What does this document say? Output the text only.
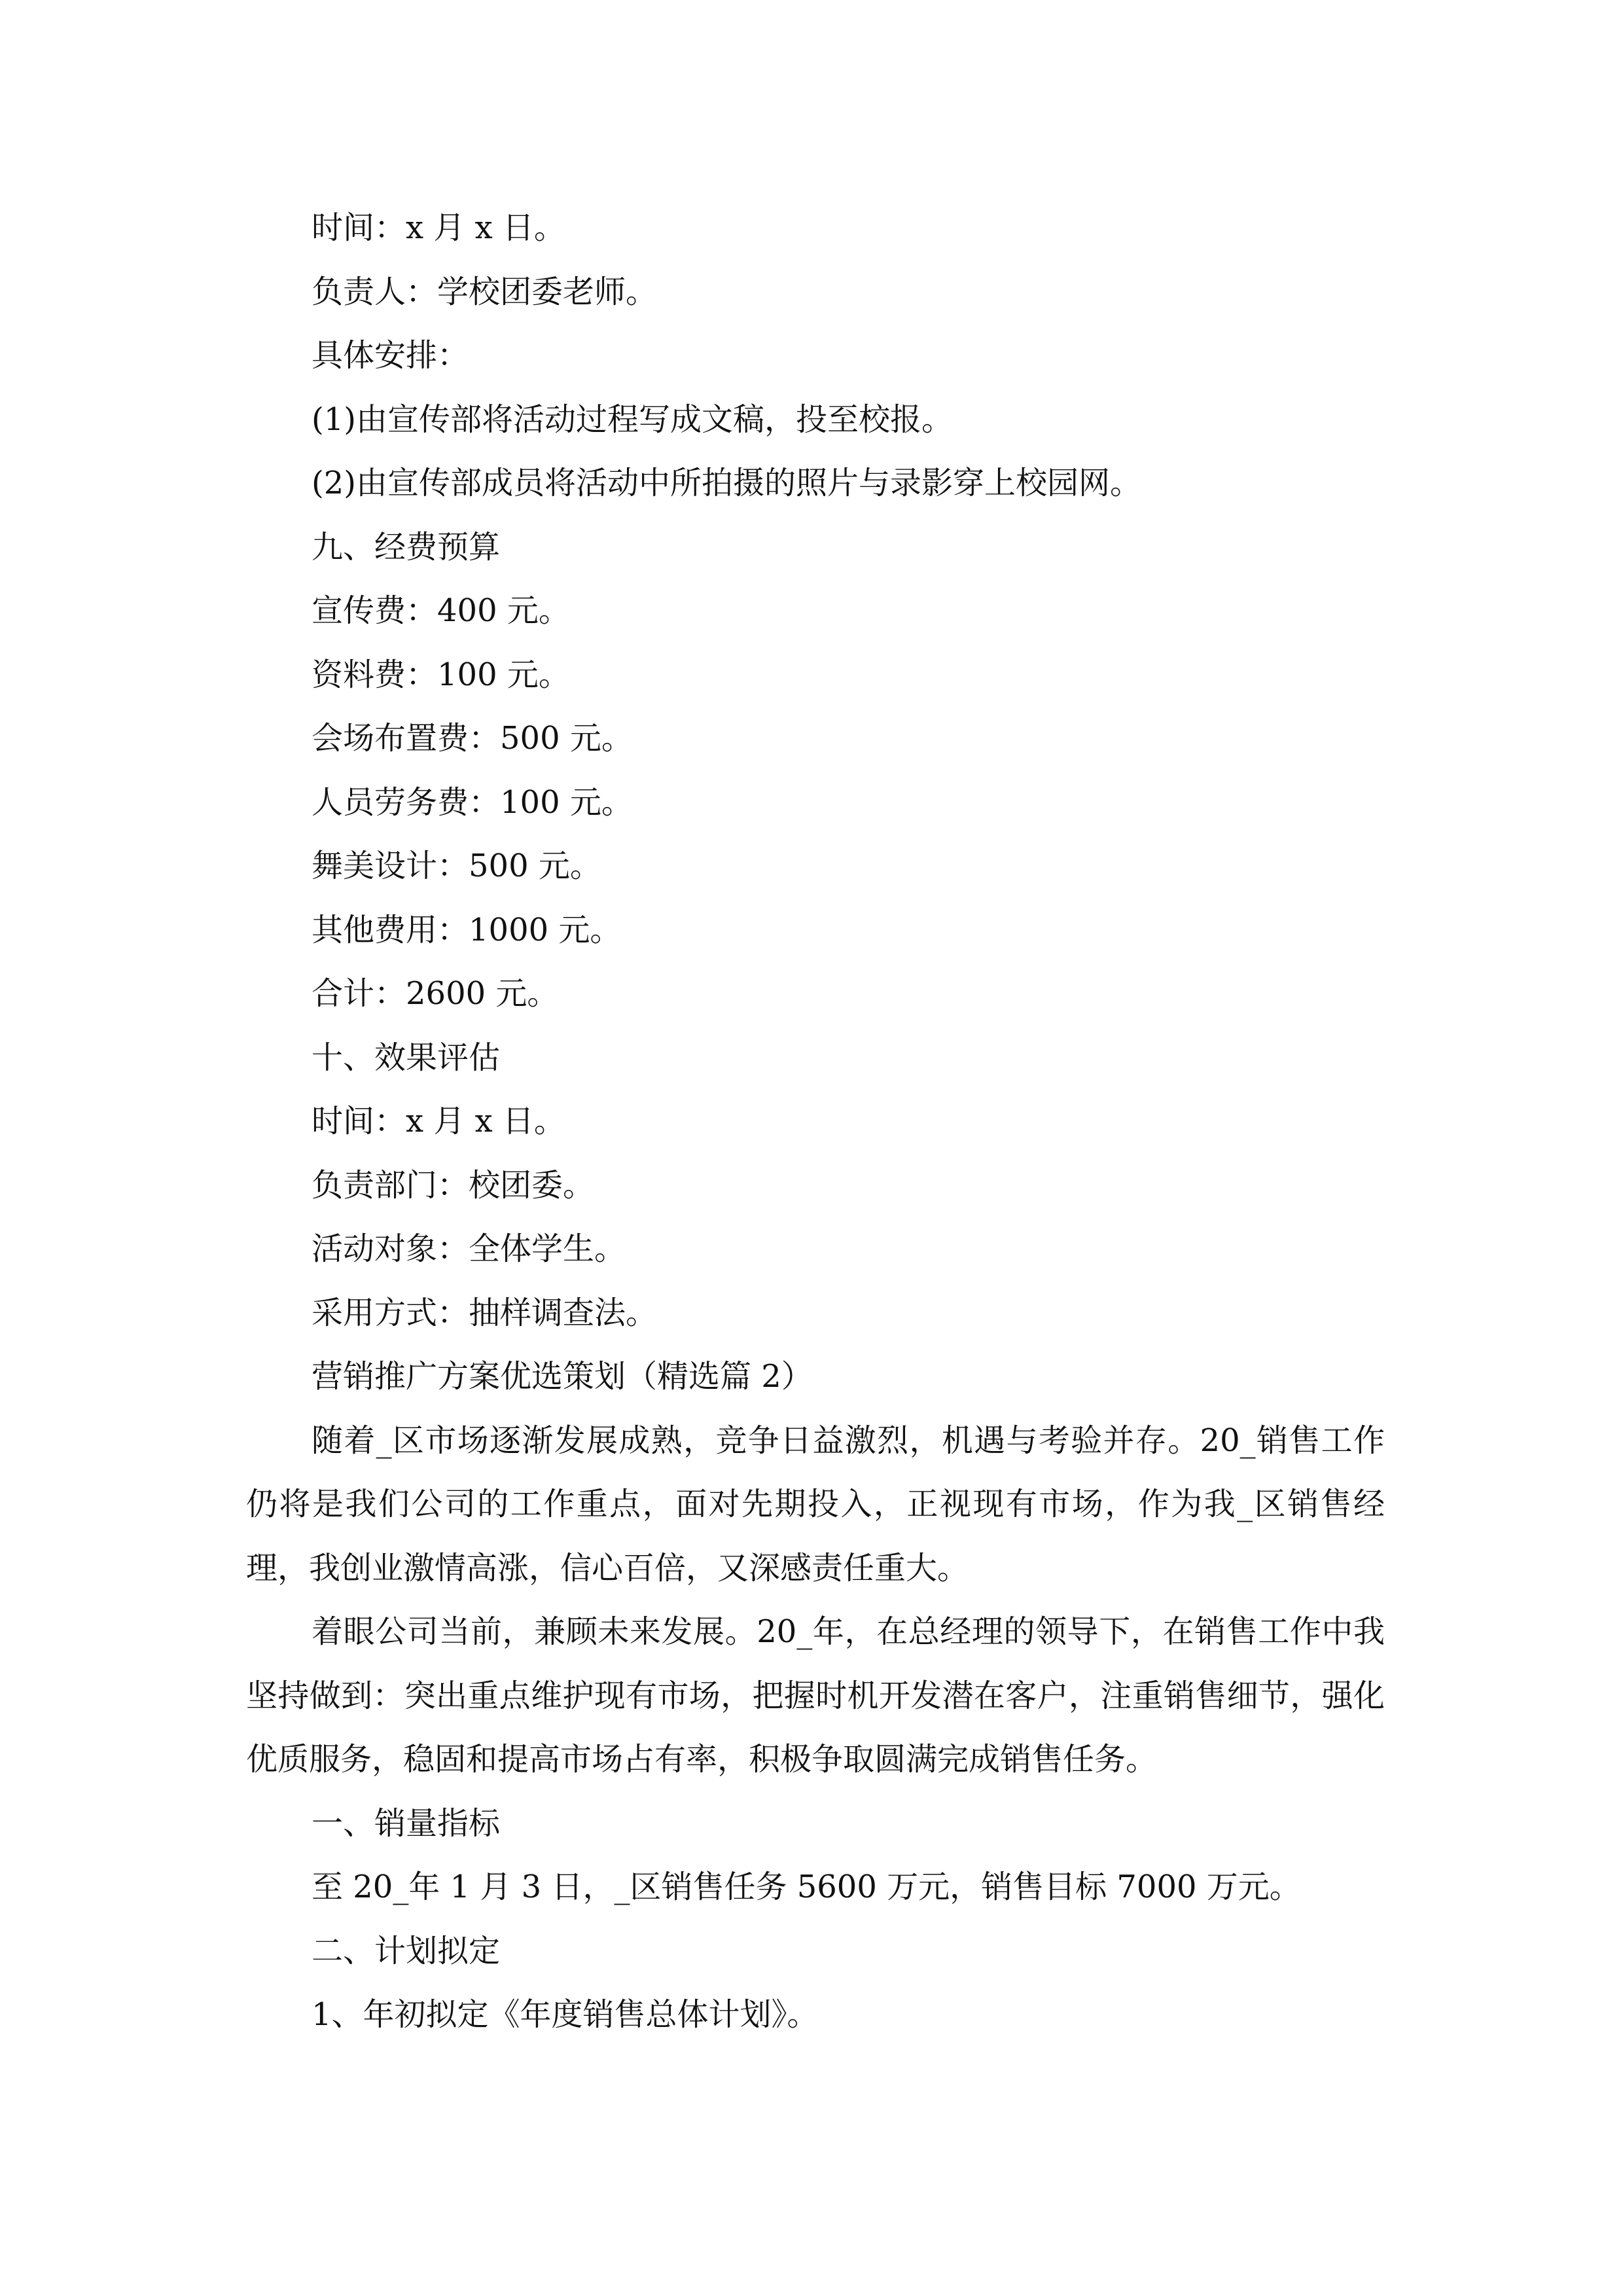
时间：x 月 x 日。

负责人：学校团委老师。

具体安排：

(1)由宣传部将活动过程写成文稿，投至校报。

(2)由宣传部成员将活动中所拍摄的照片与录影穿上校园网。

九、经费预算

宣传费：400 元。

资料费：100 元。

会场布置费：500 元。

人员劳务费：100 元。

舞美设计：500 元。

其他费用：1000 元。

合计：2600 元。

十、效果评估

时间：x 月 x 日。

负责部门：校团委。

活动对象：全体学生。

采用方式：抽样调查法。

营销推广方案优选策划（精选篇 2）

随着_区市场逐渐发展成熟，竞争日益激烈，机遇与考验并存。20_销售工作仍将是我们公司的工作重点，面对先期投入，正视现有市场，作为我_区销售经理，我创业激情高涨，信心百倍，又深感责任重大。

着眼公司当前，兼顾未来发展。20_年，在总经理的领导下，在销售工作中我坚持做到：突出重点维护现有市场，把握时机开发潜在客户，注重销售细节，强化优质服务，稳固和提高市场占有率，积极争取圆满完成销售任务。

一、销量指标

至 20_年 1 月 3 日，_区销售任务 5600 万元，销售目标 7000 万元。

二、计划拟定

1、年初拟定《年度销售总体计划》。
